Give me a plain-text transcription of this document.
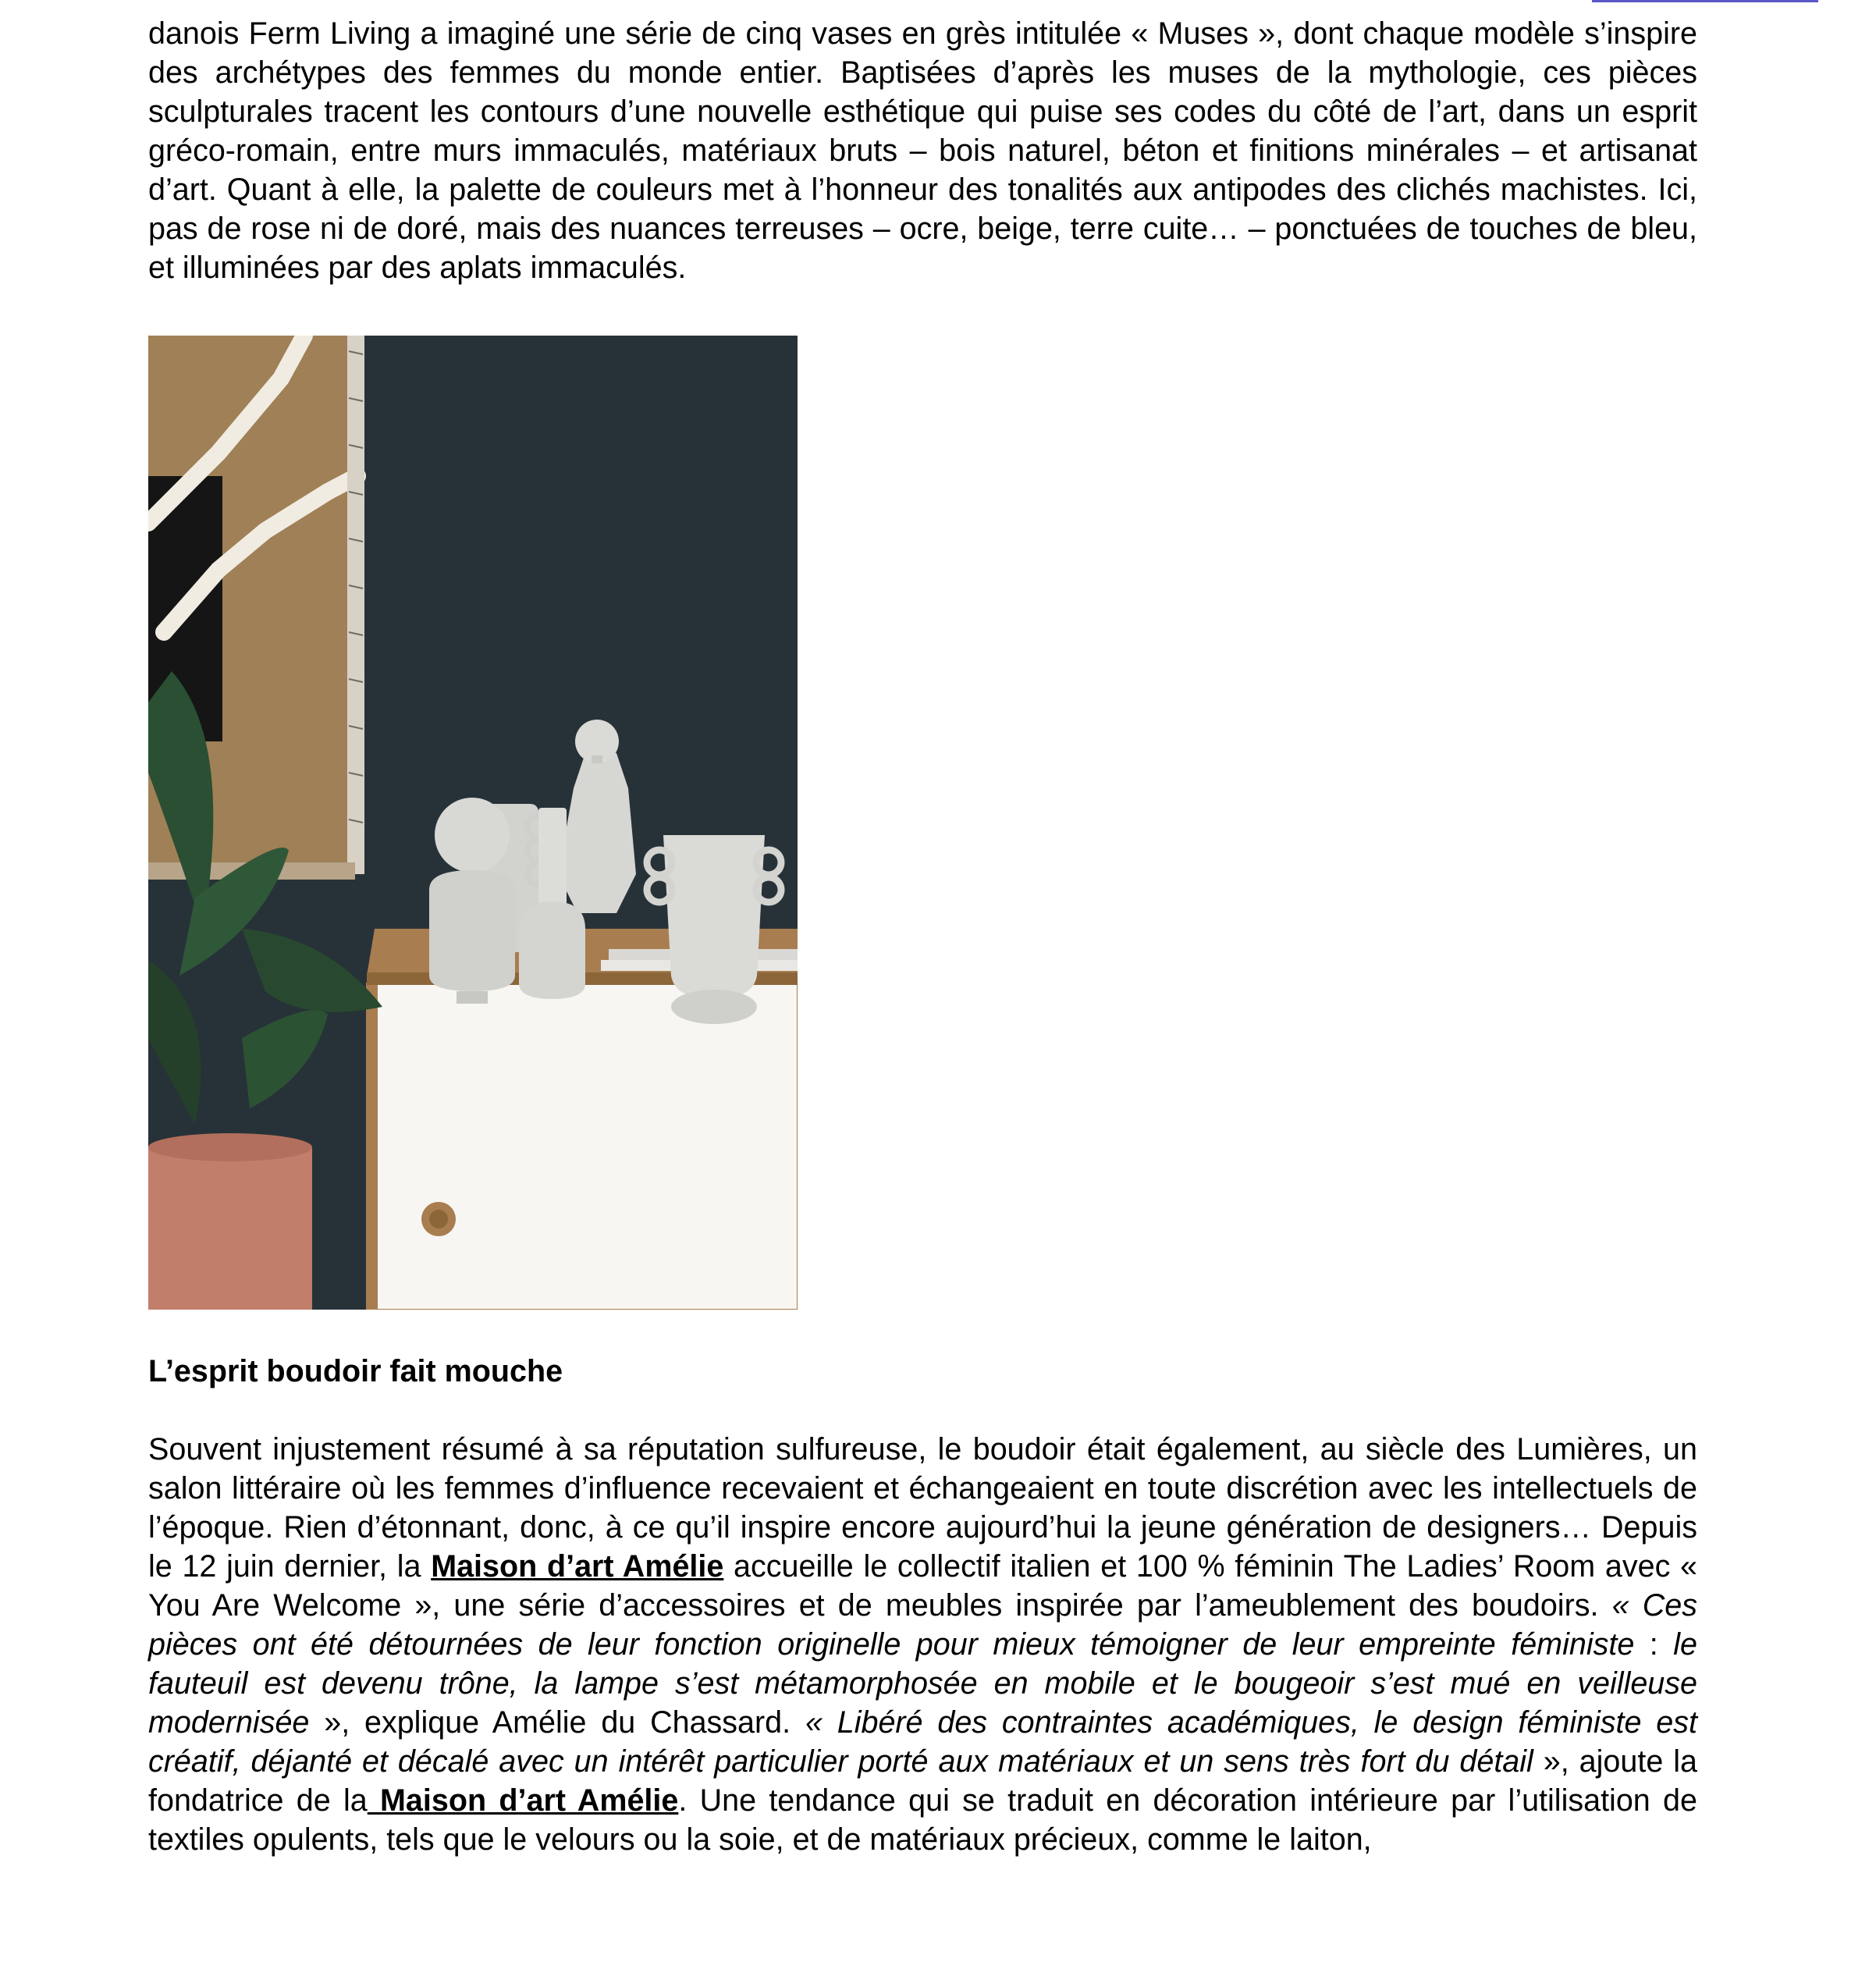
danois Ferm Living a imaginé une série de cinq vases en grès intitulée « Muses », dont chaque modèle s’inspire des archétypes des femmes du monde entier. Baptisées d’après les muses de la mythologie, ces pièces sculpturales tracent les contours d’une nouvelle esthétique qui puise ses codes du côté de l’art, dans un esprit gréco-romain, entre murs immaculés, matériaux bruts – bois naturel, béton et finitions minérales – et artisanat d’art. Quant à elle, la palette de couleurs met à l’honneur des tonalités aux antipodes des clichés machistes. Ici, pas de rose ni de doré, mais des nuances terreuses – ocre, beige, terre cuite… – ponctuées de touches de bleu, et illuminées par des aplats immaculés.

L’esprit boudoir fait mouche

Souvent injustement résumé à sa réputation sulfureuse, le boudoir était également, au siècle des Lumières, un salon littéraire où les femmes d’influence recevaient et échangeaient en toute discrétion avec les intellectuels de l’époque. Rien d’étonnant, donc, à ce qu’il inspire encore aujourd’hui la jeune génération de designers… Depuis le 12 juin dernier, la Maison d’art Amélie accueille le collectif italien et 100 % féminin The Ladies’ Room avec « You Are Welcome », une série d’accessoires et de meubles inspirée par l’ameublement des boudoirs. « Ces pièces ont été détournées de leur fonction originelle pour mieux témoigner de leur empreinte féministe : le fauteuil est devenu trône, la lampe s’est métamorphosée en mobile et le bougeoir s’est mué en veilleuse modernisée », explique Amélie du Chassard. « Libéré des contraintes académiques, le design féministe est créatif, déjanté et décalé avec un intérêt particulier porté aux matériaux et un sens très fort du détail », ajoute la fondatrice de la Maison d’art Amélie. Une tendance qui se traduit en décoration intérieure par l’utilisation de textiles opulents, tels que le velours ou la soie, et de matériaux précieux, comme le laiton,
